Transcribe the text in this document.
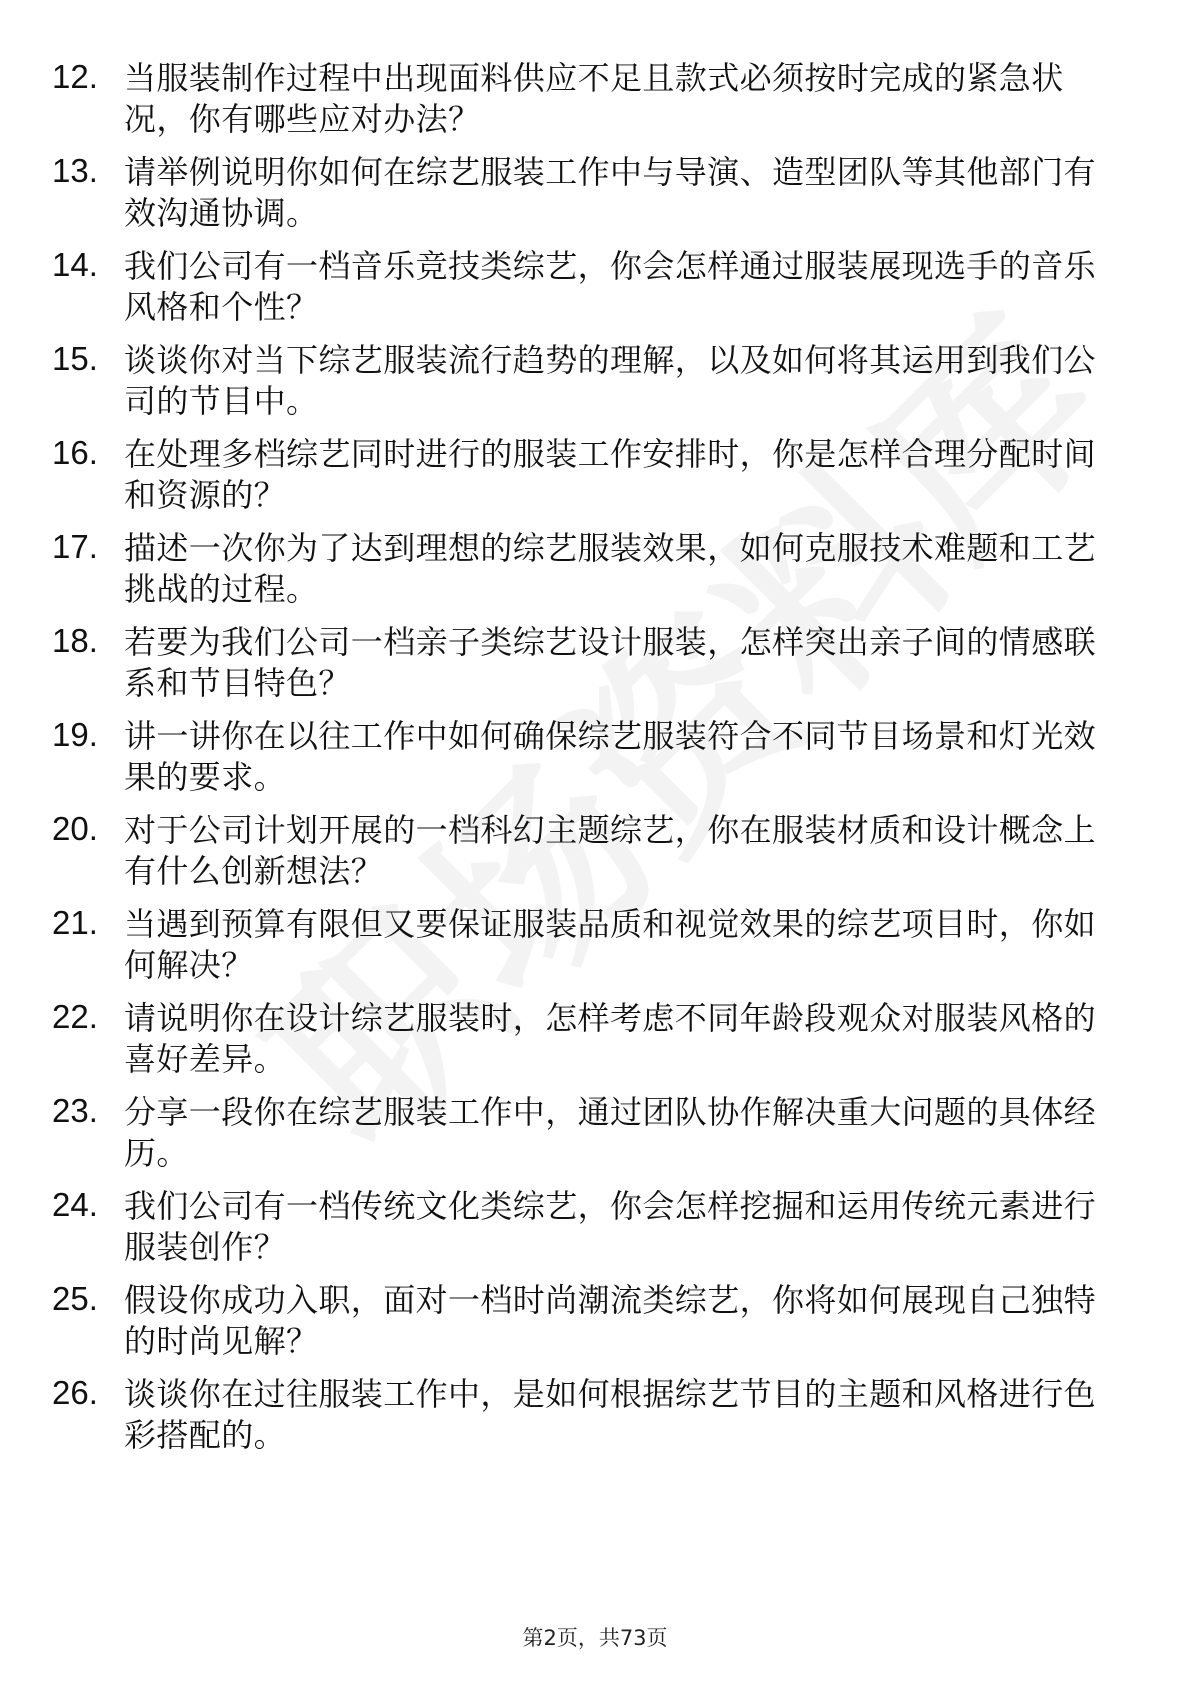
12. 当服装制作过程中出现面料供应不足且款式必须按时完成的紧急状况，你有哪些应对办法？
13. 请举例说明你如何在综艺服装工作中与导演、造型团队等其他部门有效沟通协调。
14. 我们公司有一档音乐竞技类综艺，你会怎样通过服装展现选手的音乐风格和个性？
15. 谈谈你对当下综艺服装流行趋势的理解，以及如何将其运用到我们公司的节目中。
16. 在处理多档综艺同时进行的服装工作安排时，你是怎样合理分配时间和资源的？
17. 描述一次你为了达到理想的综艺服装效果，如何克服技术难题和工艺挑战的过程。
18. 若要为我们公司一档亲子类综艺设计服装，怎样突出亲子间的情感联系和节目特色？
19. 讲一讲你在以往工作中如何确保综艺服装符合不同节目场景和灯光效果的要求。
20. 对于公司计划开展的一档科幻主题综艺，你在服装材质和设计概念上有什么创新想法？
21. 当遇到预算有限但又要保证服装品质和视觉效果的综艺项目时，你如何解决？
22. 请说明你在设计综艺服装时，怎样考虑不同年龄段观众对服装风格的喜好差异。
23. 分享一段你在综艺服装工作中，通过团队协作解决重大问题的具体经历。
24. 我们公司有一档传统文化类综艺，你会怎样挖掘和运用传统元素进行服装创作？
25. 假设你成功入职，面对一档时尚潮流类综艺，你将如何展现自己独特的时尚见解？
26. 谈谈你在过往服装工作中，是如何根据综艺节目的主题和风格进行色彩搭配的。
第2页，共73页
